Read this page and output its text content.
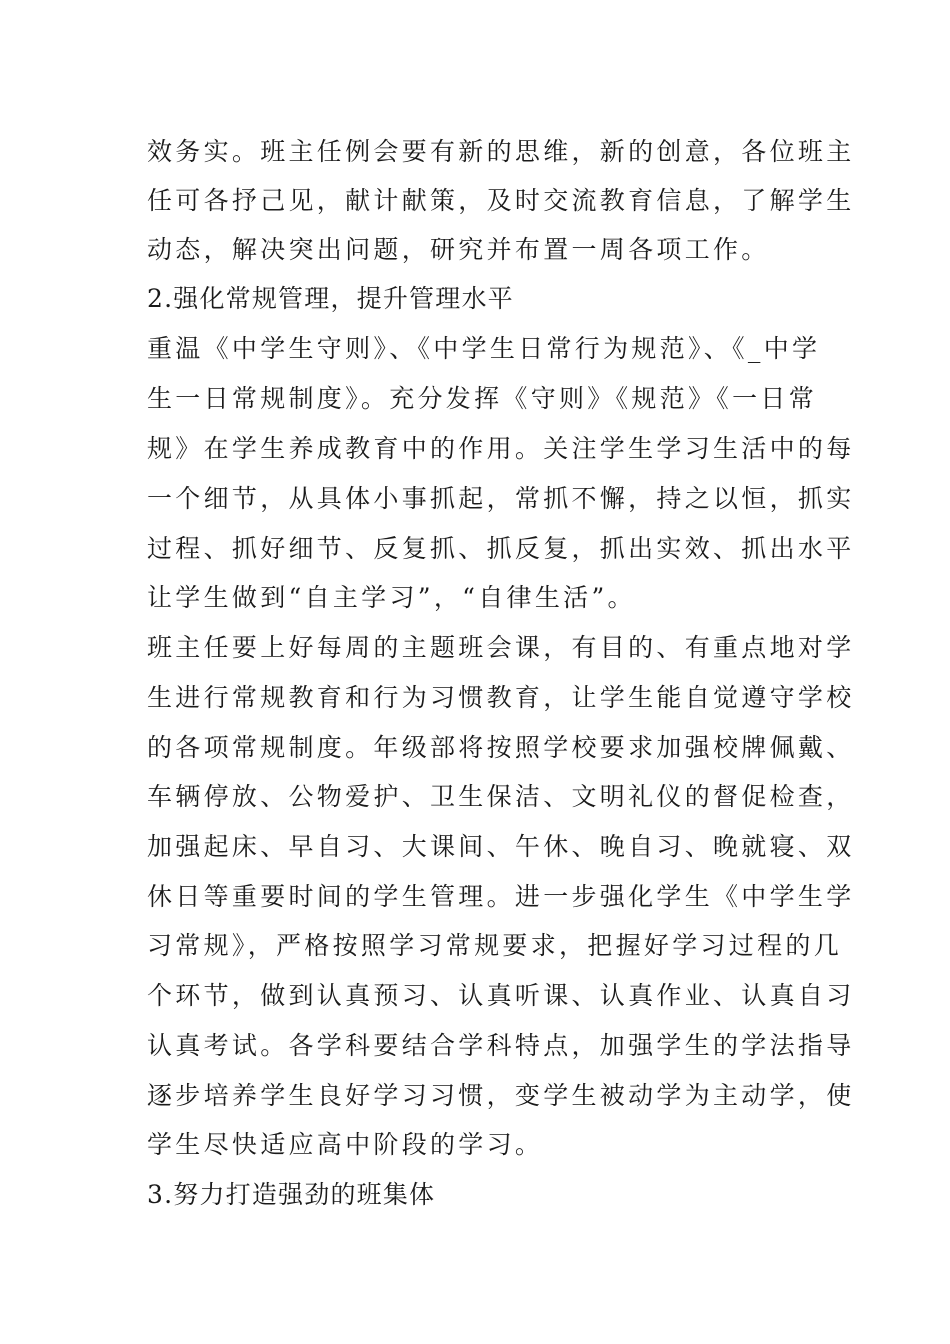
效务实。班主任例会要有新的思维，新的创意，各位班主
任可各抒己见，献计献策，及时交流教育信息，了解学生
动态，解决突出问题，研究并布置一周各项工作。
2.强化常规管理，提升管理水平
重温《中学生守则》、《中学生日常行为规范》、《_中学
生一日常规制度》。充分发挥《守则》《规范》《一日常
规》在学生养成教育中的作用。关注学生学习生活中的每
一个细节，从具体小事抓起，常抓不懈，持之以恒，抓实
过程、抓好细节、反复抓、抓反复，抓出实效、抓出水平
让学生做到“自主学习”，“自律生活”。
班主任要上好每周的主题班会课，有目的、有重点地对学
生进行常规教育和行为习惯教育，让学生能自觉遵守学校
的各项常规制度。年级部将按照学校要求加强校牌佩戴、
车辆停放、公物爱护、卫生保洁、文明礼仪的督促检查，
加强起床、早自习、大课间、午休、晚自习、晚就寝、双
休日等重要时间的学生管理。进一步强化学生《中学生学
习常规》，严格按照学习常规要求，把握好学习过程的几
个环节，做到认真预习、认真听课、认真作业、认真自习
认真考试。各学科要结合学科特点，加强学生的学法指导
逐步培养学生良好学习习惯，变学生被动学为主动学，使
学生尽快适应高中阶段的学习。
3.努力打造强劲的班集体
